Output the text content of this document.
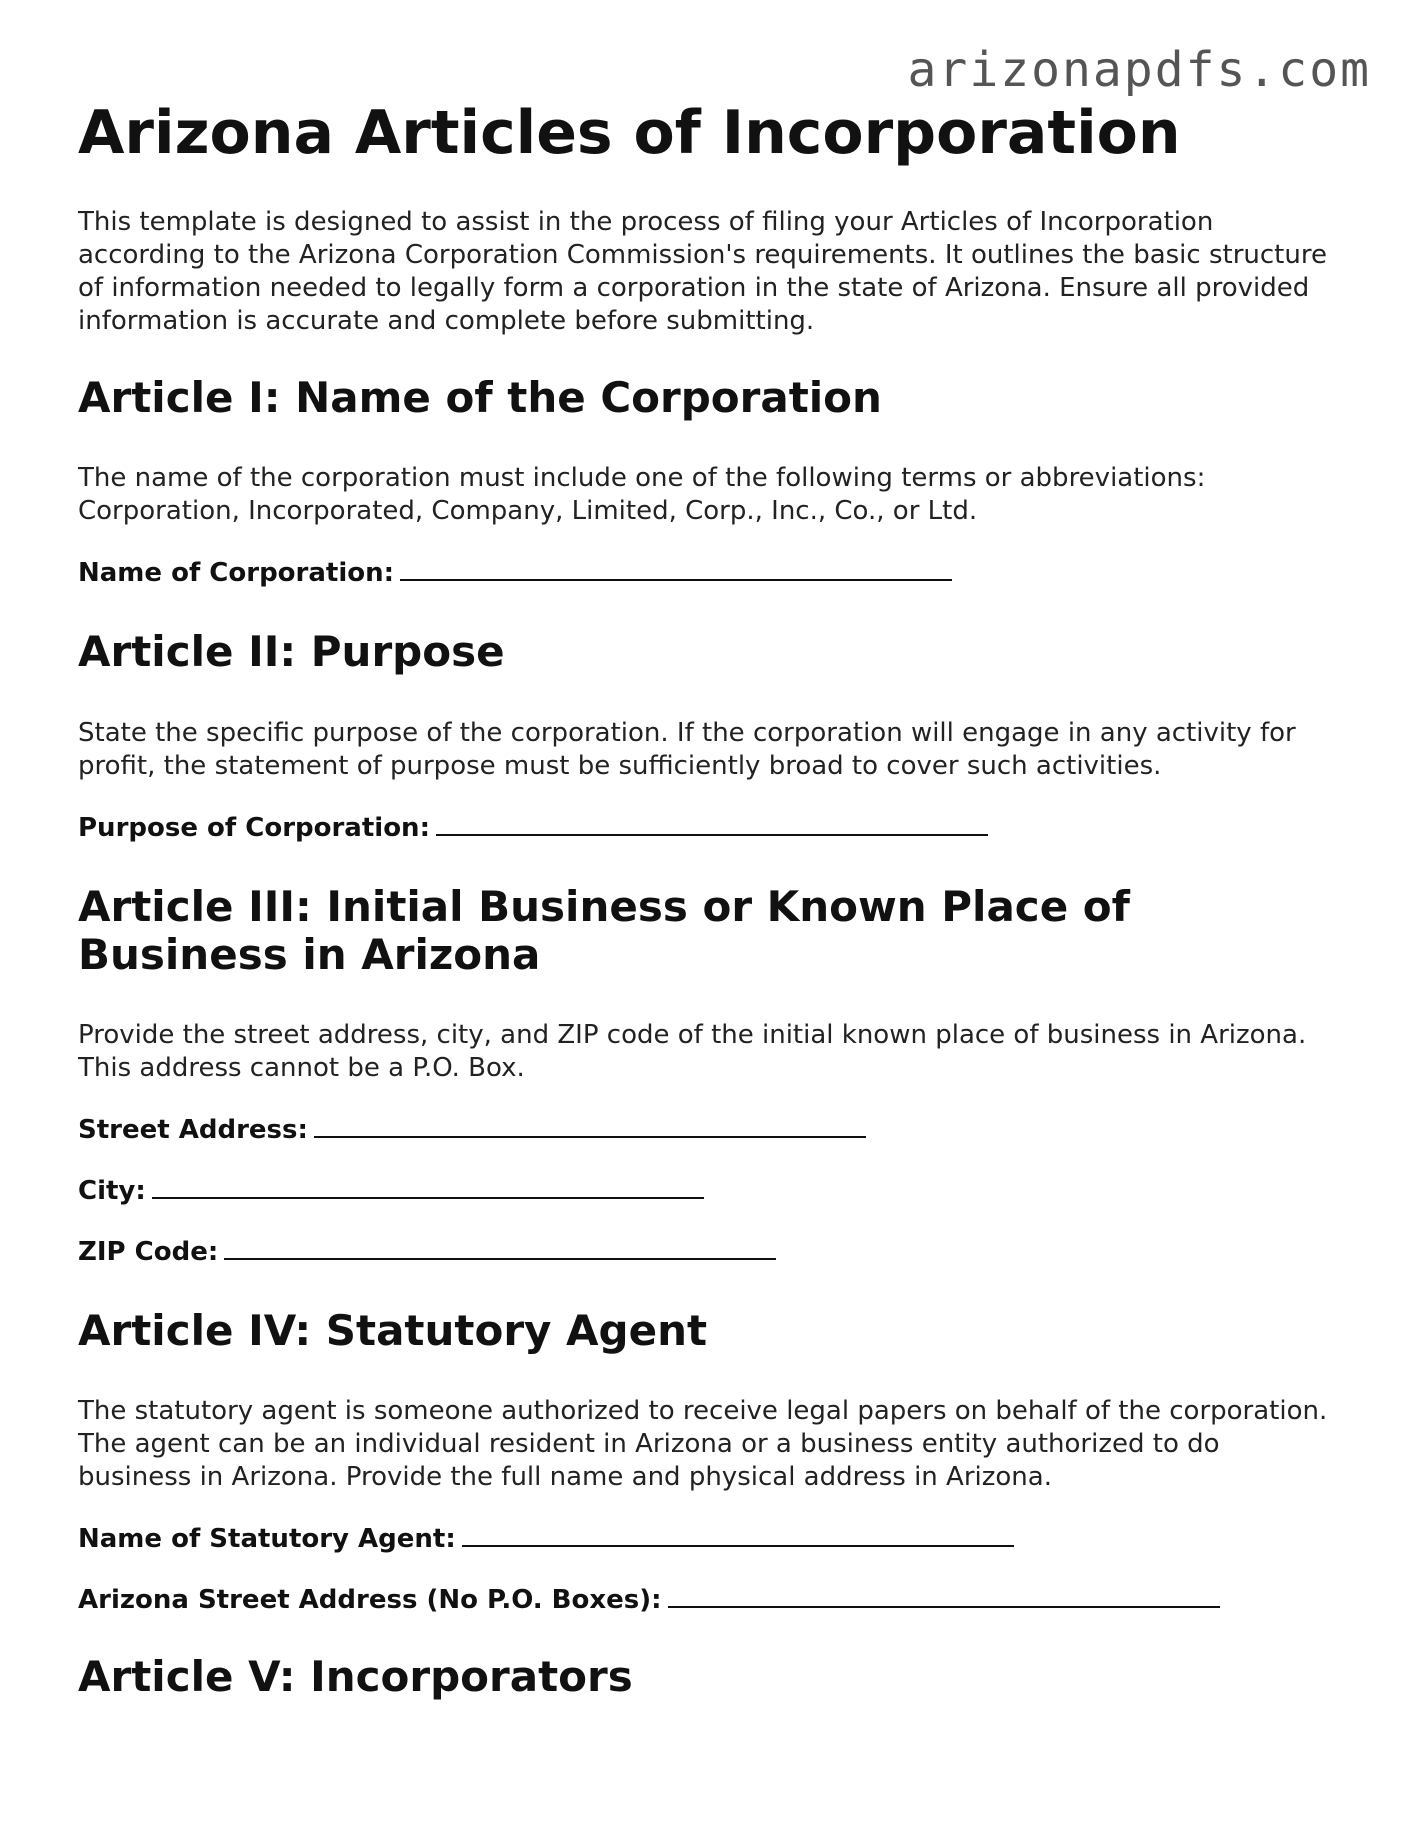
arizonapdfs.com
Arizona Articles of Incorporation

This template is designed to assist in the process of filing your Articles of Incorporation according to the Arizona Corporation Commission's requirements. It outlines the basic structure of information needed to legally form a corporation in the state of Arizona. Ensure all provided information is accurate and complete before submitting.

Article I: Name of the Corporation

The name of the corporation must include one of the following terms or abbreviations: Corporation, Incorporated, Company, Limited, Corp., Inc., Co., or Ltd.

Name of Corporation:
Article II: Purpose

State the specific purpose of the corporation. If the corporation will engage in any activity for profit, the statement of purpose must be sufficiently broad to cover such activities.

Purpose of Corporation:
Article III: Initial Business or Known Place of Business in Arizona

Provide the street address, city, and ZIP code of the initial known place of business in Arizona. This address cannot be a P.O. Box.

Street Address:
City:
ZIP Code:
Article IV: Statutory Agent

The statutory agent is someone authorized to receive legal papers on behalf of the corporation. The agent can be an individual resident in Arizona or a business entity authorized to do business in Arizona. Provide the full name and physical address in Arizona.

Name of Statutory Agent:
Arizona Street Address (No P.O. Boxes):
Article V: Incorporators
